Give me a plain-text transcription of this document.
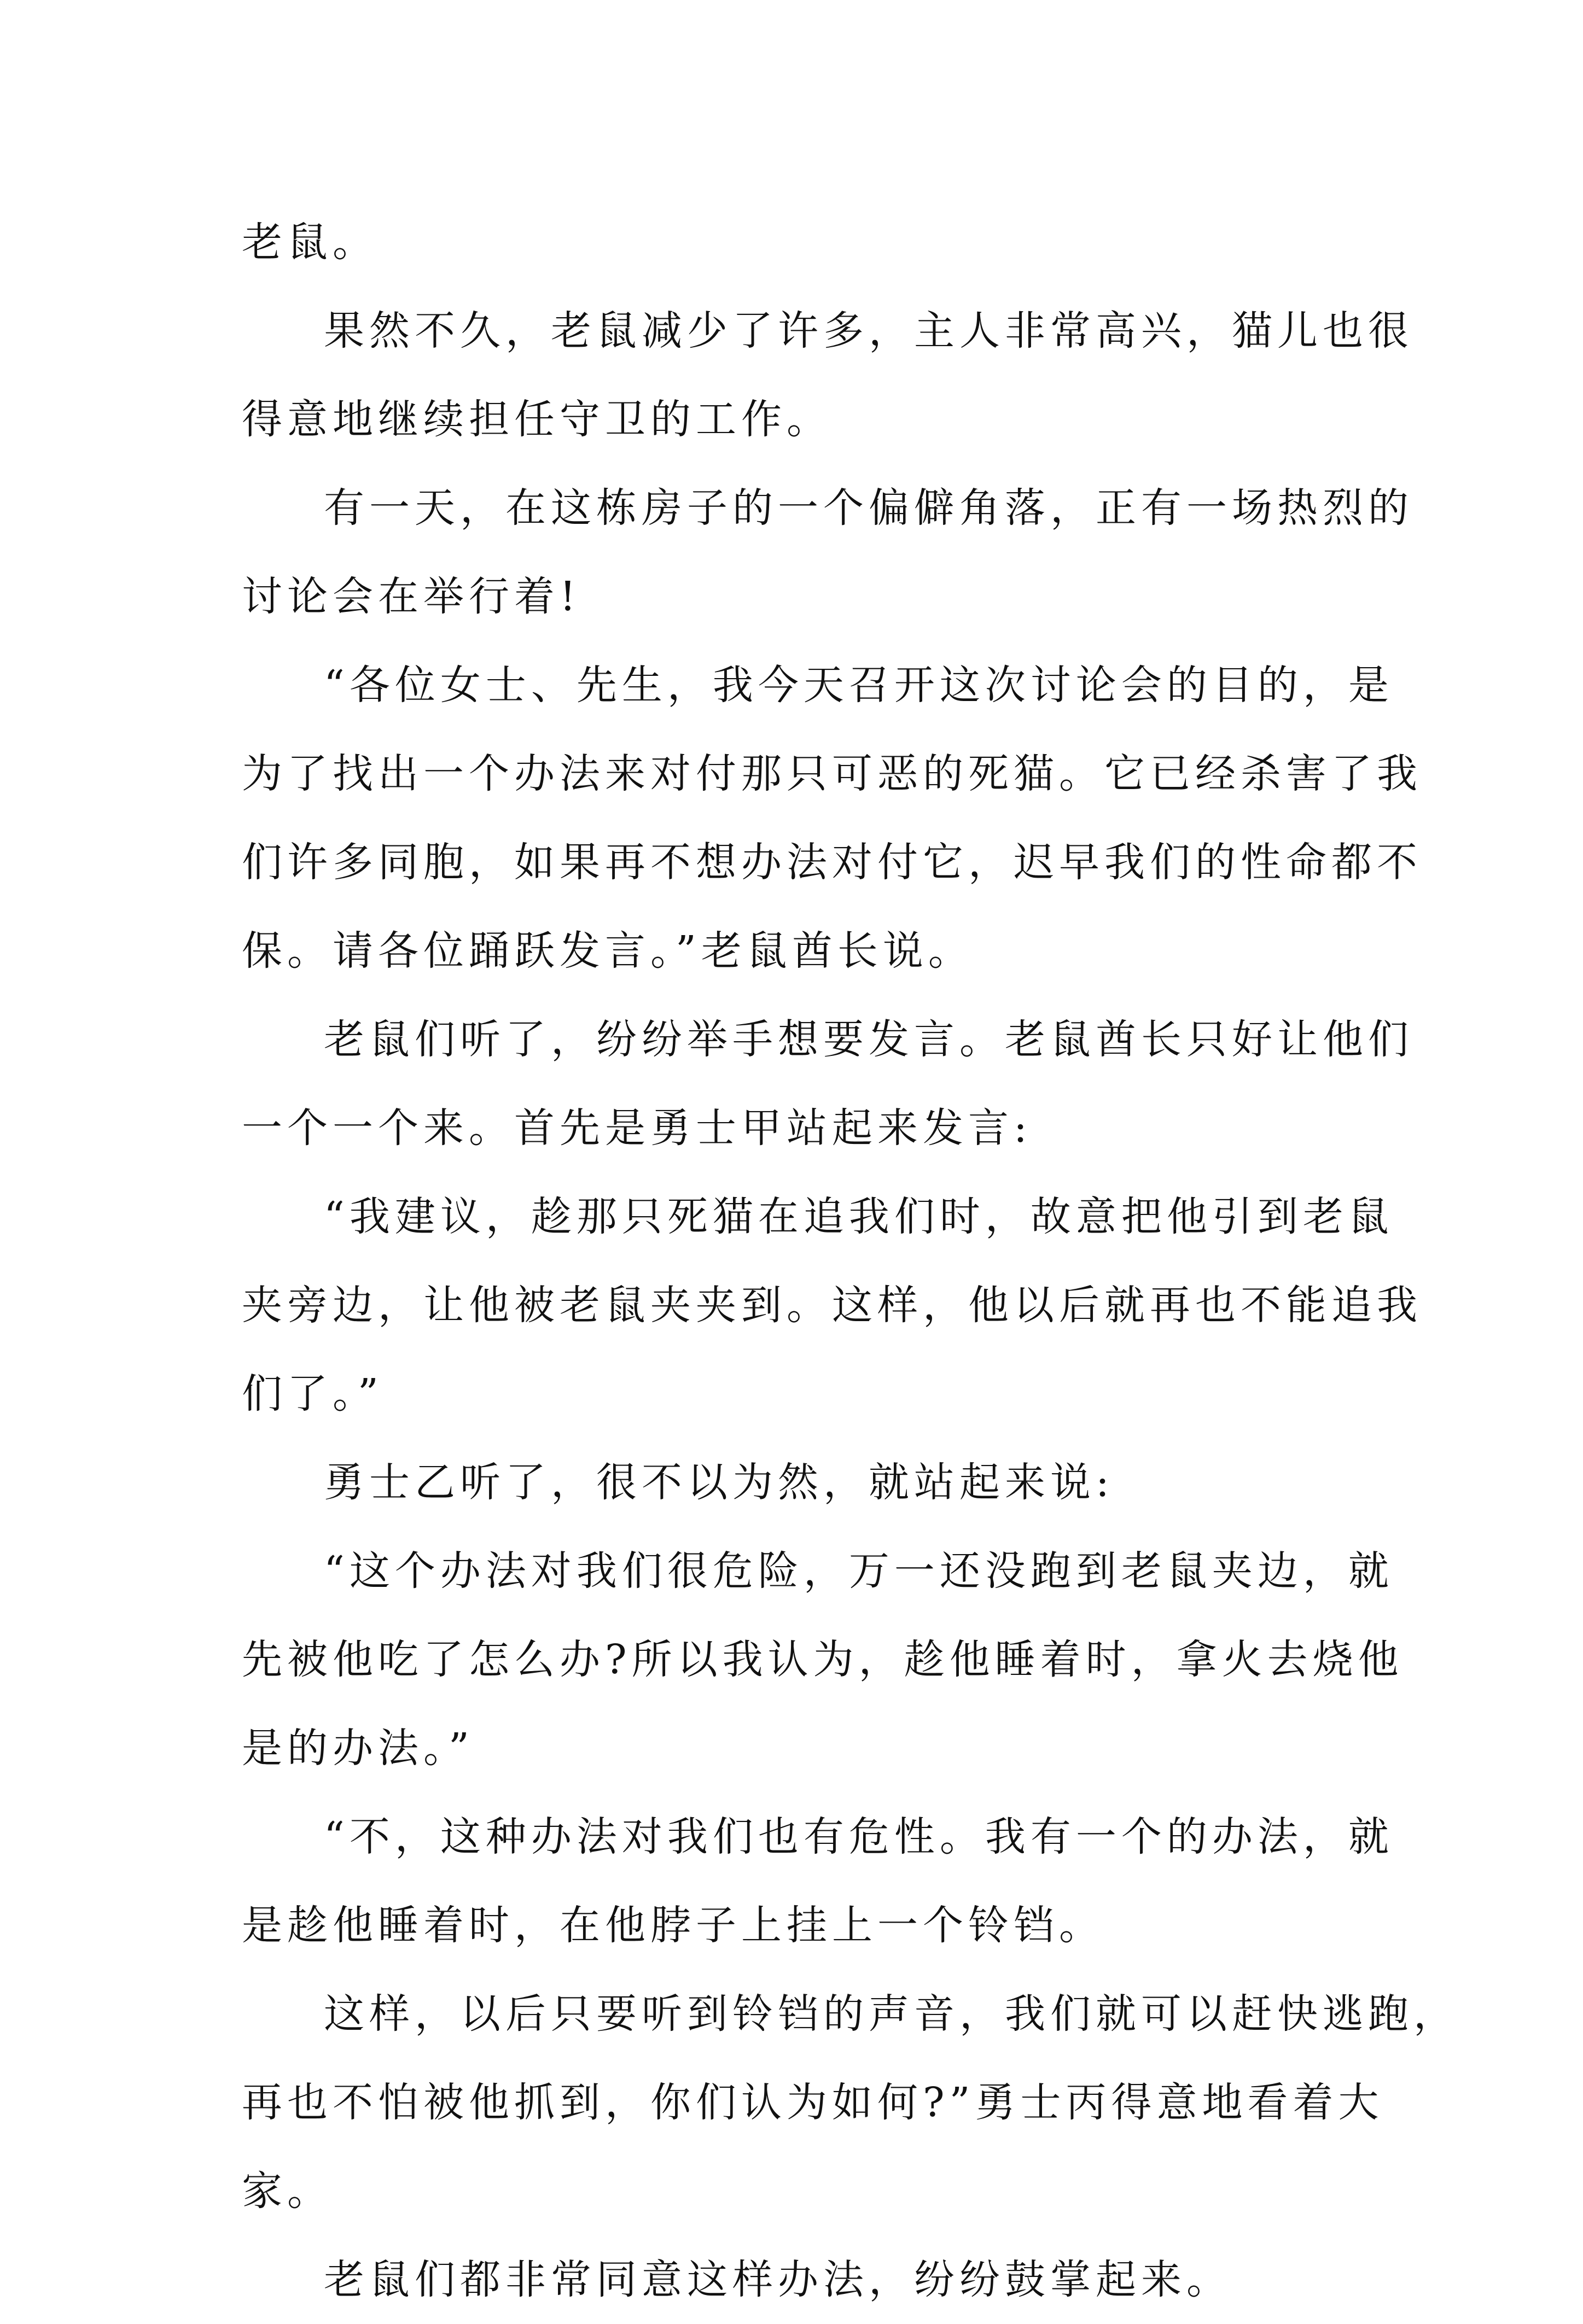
老鼠。
果然不久，老鼠减少了许多，主人非常高兴，猫儿也很
得意地继续担任守卫的工作。
有一天，在这栋房子的一个偏僻角落，正有一场热烈的
讨论会在举行着!
“各位女士、先生，我今天召开这次讨论会的目的，是
为了找出一个办法来对付那只可恶的死猫。它已经杀害了我
们许多同胞，如果再不想办法对付它，迟早我们的性命都不
保。请各位踊跃发言。”老鼠酋长说。
老鼠们听了，纷纷举手想要发言。老鼠酋长只好让他们
一个一个来。首先是勇士甲站起来发言:
“我建议，趁那只死猫在追我们时，故意把他引到老鼠
夹旁边，让他被老鼠夹夹到。这样，他以后就再也不能追我
们了。”
勇士乙听了，很不以为然，就站起来说:
“这个办法对我们很危险，万一还没跑到老鼠夹边，就
先被他吃了怎么办?所以我认为，趁他睡着时，拿火去烧他
是的办法。”
“不，这种办法对我们也有危性。我有一个的办法，就
是趁他睡着时，在他脖子上挂上一个铃铛。
这样，以后只要听到铃铛的声音，我们就可以赶快逃跑，
再也不怕被他抓到，你们认为如何?”勇士丙得意地看着大
家。
老鼠们都非常同意这样办法，纷纷鼓掌起来。
